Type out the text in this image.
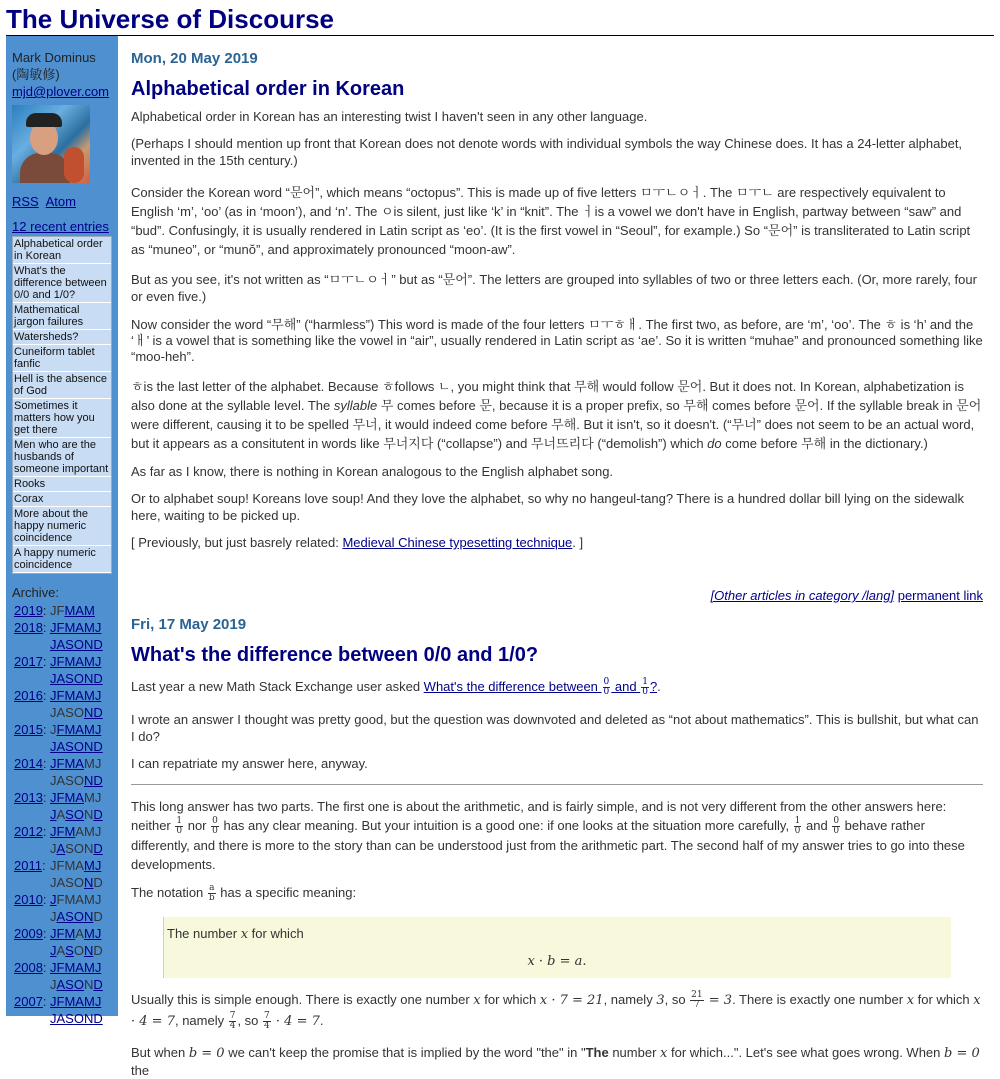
The Universe of Discourse
Mark Dominus
(陶敏修)
mjd@plover.com
RSS Atom
12 recent entries
Alphabetical order in Korean
What's the difference between 0/0 and 1/0?
Mathematical jargon failures
Watersheds?
Cuneiform tablet fanfic
Hell is the absence of God
Sometimes it matters how you get there
Men who are the husbands of someone important
Rooks
Corax
More about the happy numeric coincidence
A happy numeric coincidence
Archive:
2019: JFMAM
2018: JFMAMJ
JASOND
2017: JFMAMJ
JASOND
2016: JFMAMJ
JASOND
2015: JFMAMJ
JASOND
2014: JFMAMJ
JASOND
2013: JFMAMJ
JASOND
2012: JFMAMJ
JASOND
2011: JFMAMJ
JASOND
2010: JFMAMJ
JASOND
2009: JFMAMJ
JASOND
2008: JFMAMJ
JASOND
2007: JFMAMJ
JASOND
Mon, 20 May 2019
Alphabetical order in Korean

Alphabetical order in Korean has an interesting twist I haven't seen in any other language.

(Perhaps I should mention up front that Korean does not denote words with individual symbols the way Chinese does. It has a 24-letter alphabet, invented in the 15th century.)

Consider the Korean word “문어”, which means “octopus”. This is made up of five letters ㅁㅜㄴㅇㅓ. The ㅁㅜㄴ are respectively equivalent to English ‘m’, ‘oo’ (as in ‘moon’), and ‘n’. The ㅇis silent, just like ‘k’ in “knit”. The ㅓis a vowel we don't have in English, partway between “saw” and “bud”. Confusingly, it is usually rendered in Latin script as ‘eo’. (It is the first vowel in “Seoul”, for example.) So “문어” is transliterated to Latin script as “muneo”, or “munŏ”, and approximately pronounced “moon-aw”.

But as you see, it's not written as “ㅁㅜㄴㅇㅓ” but as “문어”. The letters are grouped into syllables of two or three letters each. (Or, more rarely, four or even five.)

Now consider the word “무해” (“harmless”) This word is made of the four letters ㅁㅜㅎㅐ. The first two, as before, are ‘m’, ‘oo’. The ㅎ is ‘h’ and the ‘ㅐ’ is a vowel that is something like the vowel in “air”, usually rendered in Latin script as ‘ae’. So it is written “muhae” and pronounced something like “moo-heh”.

ㅎis the last letter of the alphabet. Because ㅎfollows ㄴ, you might think that 무해 would follow 문어. But it does not. In Korean, alphabetization is also done at the syllable level. The syllable 무 comes before 문, because it is a proper prefix, so 무해 comes before 문어. If the syllable break in 문어 were different, causing it to be spelled 무너, it would indeed come before 무해. But it isn't, so it doesn't. (“무너” does not seem to be an actual word, but it appears as a consitutent in words like 무너지다 (“collapse”) and 무너뜨리다 (“demolish”) which do come before 무해 in the dictionary.)

As far as I know, there is nothing in Korean analogous to the English alphabet song.

Or to alphabet soup! Koreans love soup! And they love the alphabet, so why no hangeul-tang? There is a hundred dollar bill lying on the sidewalk here, waiting to be picked up.

[ Previously, but just basrely related: Medieval Chinese typesetting technique. ]

[Other articles in category /lang] permanent link
Fri, 17 May 2019
What's the difference between 0/0 and 1/0?

Last year a new Math Stack Exchange user asked What's the difference between $\frac{0}{0}$ and $\frac{1}{0}$ ?.

I wrote an answer I thought was pretty good, but the question was downvoted and deleted as “not about mathematics”. This is bullshit, but what can I do?

I can repatriate my answer here, anyway.

This long answer has two parts. The first one is about the arithmetic, and is fairly simple, and is not very different from the other answers here: neither $\frac{1}{0}$ nor $\frac{0}{0}$ has any clear meaning. But your intuition is a good one: if one looks at the situation more carefully, $\frac{1}{0}$ and $\frac{0}{0}$ behave rather differently, and there is more to the story than can be understood just from the arithmetic part. The second half of my answer tries to go into these developments.

The notation $\frac{a}{b}$ has a specific meaning:

The number x for which
x · b = a.

Usually this is simple enough. There is exactly one number x for which x · 7 = 21, namely 3, so $\frac{21}{7} = 3$. There is exactly one number x for which x · 4 = 7, namely $\frac{7}{4}$ , so $\frac{7}{4} \cdot 4 = 7$.

But when b = 0 we can't keep the promise that is implied by the word "the" in "The number x for which...". Let's see what goes wrong. When b = 0 the
